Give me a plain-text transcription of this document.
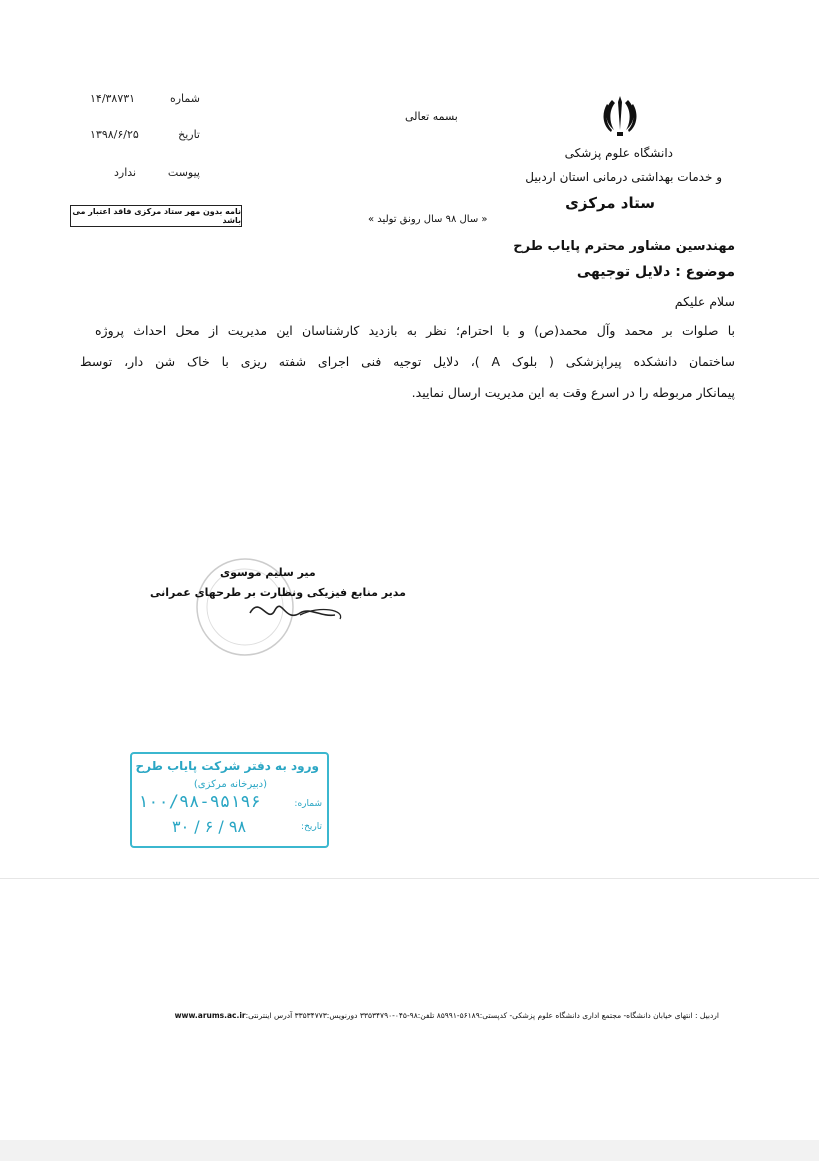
شماره
۱۴/۳۸۷۳۱
تاریخ
۱۳۹۸/۶/۲۵
پیوست
ندارد
نامه بدون مهر ستاد مرکزی فاقد اعتبار می باشد
بسمه تعالی
دانشگاه علوم پزشکی
و خدمات بهداشتی درمانی استان اردبیل
ستاد مرکزی
« سال ۹۸ سال رونق تولید »
مهندسین مشاور محترم پایاب طرح
موضوع : دلایل توجیهی
سلام علیکم
با صلوات بر محمد وآل محمد(ص) و با احترام؛ نظر به بازدید کارشناسان این مدیریت از محل احداث پروژه
ساختمان دانشکده پیراپزشکی ( بلوک A )، دلایل توجیه فنی اجرای شفته ریزی با خاک شن دار، توسط
پیمانکار مربوطه را در اسرع وقت به این مدیریت ارسال نمایید.
میر سلیم موسوی
مدیر منابع فیزیکی ونظارت بر طرحهای عمرانی
ورود به دفتر شرکت پایاب طرح
(دبیرخانه مرکزی)
شماره:
۱۰۰/۹۸-۹۵۱۹۶
تاریخ:
۹۸ / ۶ / ۳۰
اردبیل : انتهای خیابان دانشگاه- مجتمع اداری دانشگاه علوم پزشکی- کدپستی:۵۶۱۸۹-۸۵۹۹۱ تلفن:۹۸-۰۴۵-۳۳۵۳۴۷۹۰ دورنویس:۳۳۵۳۴۷۷۳ آدرس اینترنتی:www.arums.ac.ir
